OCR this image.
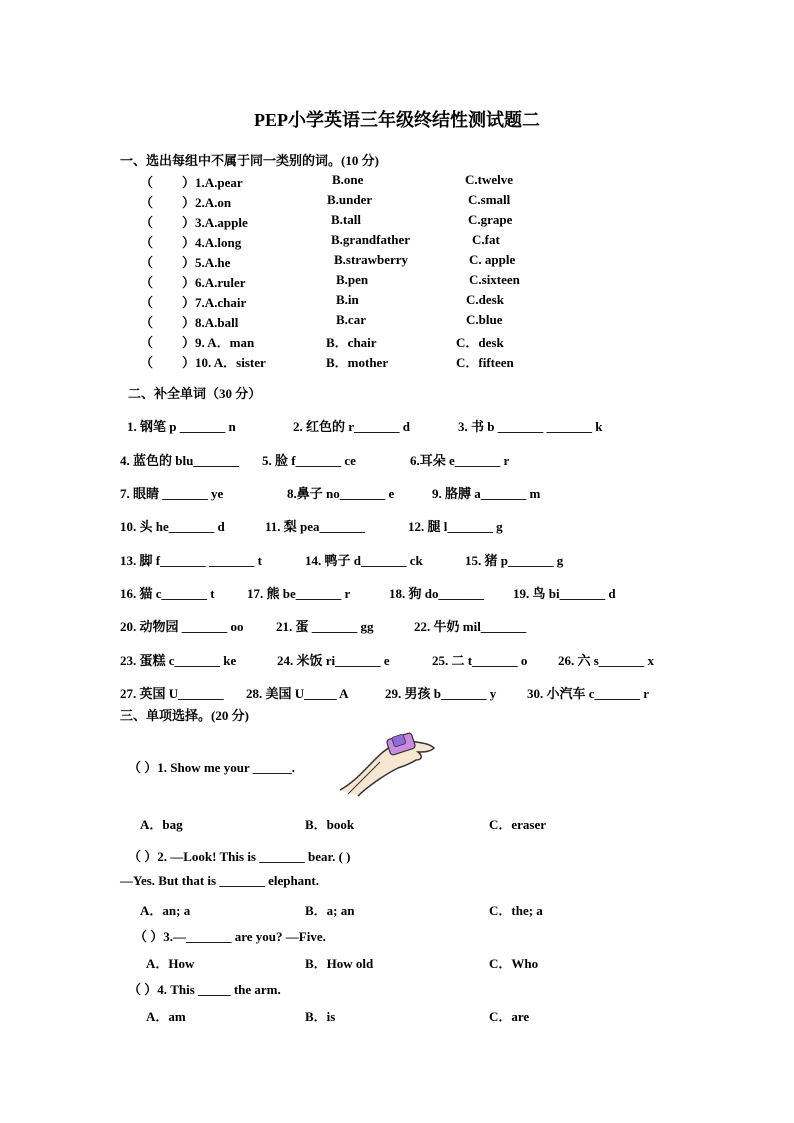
PEP小学英语三年级终结性测试题二
一、选出每组中不属于同一类别的词。(10 分)
（ ）1.A.pear	B.one	C.twelve
（ ）2.A.on	B.under	C.small
（ ）3.A.apple	B.tall	C.grape
（ ）4.A.long	B.grandfather	C.fat
（ ）5.A.he	B.strawberry	C. apple
（ ）6.A.ruler	B.pen	C.sixteen
（ ）7.A.chair	B.in	C.desk
（ ）8.A.ball	B.car	C.blue
（ ）9. A．man	B．chair	C．desk
（ ）10. A．sister	B．mother	C．fifteen
二、补全单词（30 分）
1. 钢笔 p _______ n	2. 红色的 r_______ d	3. 书 b _______ _______ k
4. 蓝色的 blu_______ 5. 脸 f_______ ce	6.耳朵 e_______ r
7. 眼睛 _______ ye	8.鼻子 no_______ e	9. 胳膊 a_______ m
10. 头 he_______ d	11. 梨 pea_______	12. 腿 l_______ g
13. 脚 f_______ _______ t	14. 鸭子 d_______ ck	15. 猪 p_______ g
16. 猫 c_______ t 17. 熊 be_______ r	18. 狗 do_______ 19. 鸟 bi_______ d
20. 动物园 _______ oo 21. 蛋 _______ gg	22. 牛奶 mil_______
23. 蛋糕 c_______ ke	24. 米饭 ri_______ e	25. 二 t_______ o 26. 六 s_______ x
27. 英国 U_______ 28. 美国 U_____ A	29. 男孩 b_______ y 30. 小汽车 c_______ r
三、单项选择。(20 分)
（ ）1. Show me your ______.
A．bag	B．book	C．eraser
（ ）2. —Look! This is _______ bear. ( )
—Yes. But that is _______ elephant.
A．an; a	B．a; an	C．the; a
（ ）3.—_______ are you? —Five.
A．How	B．How old	C．Who
（ ）4. This _____ the arm.
A．am	B．is	C．are
